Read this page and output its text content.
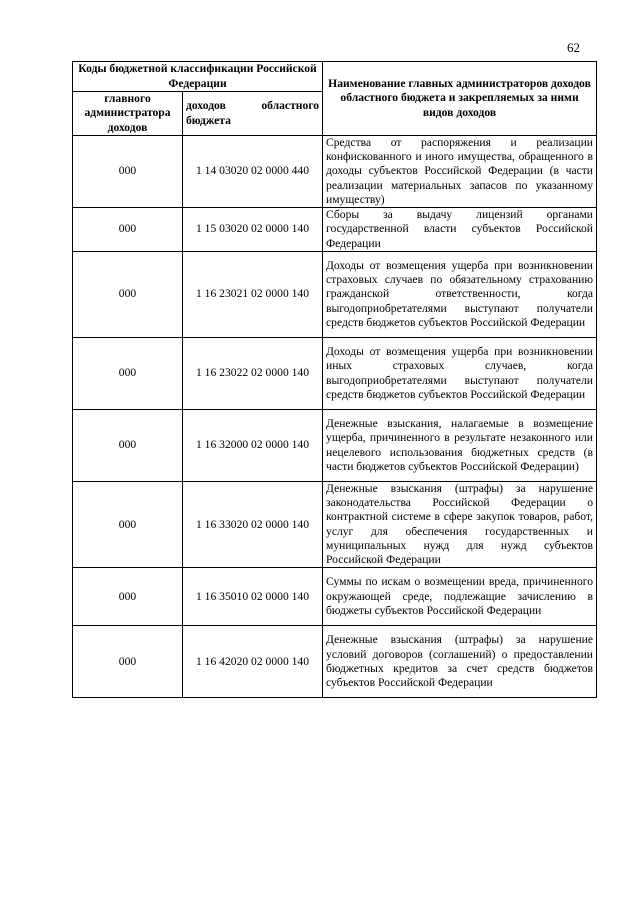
62
Коды бюджетной классификации Российской Федерации		Наименование главных администраторов доходов областного бюджета и закрепляемых за ними видов доходов
главного администратора доходов	доходов областного бюджета	
000	1 14 03020 02 0000 440	Средства от распоряжения и реализации конфискованного и иного имущества, обращенного в доходы субъектов Российской Федерации (в части реализации материальных запасов по указанному имуществу)
000	1 15 03020 02 0000 140	Сборы за выдачу лицензий органами государственной власти субъектов Российской Федерации
000	1 16 23021 02 0000 140	Доходы от возмещения ущерба при возникновении страховых случаев по обязательному страхованию гражданской ответственности, когда выгодоприобретателями выступают получатели средств бюджетов субъектов Российской Федерации
000	1 16 23022 02 0000 140	Доходы от возмещения ущерба при возникновении иных страховых случаев, когда выгодоприобретателями выступают получатели средств бюджетов субъектов Российской Федерации
000	1 16 32000 02 0000 140	Денежные взыскания, налагаемые в возмещение ущерба, причиненного в результате незаконного или нецелевого использования бюджетных средств (в части бюджетов субъектов Российской Федерации)
000	1 16 33020 02 0000 140	Денежные взыскания (штрафы) за нарушение законодательства Российской Федерации о контрактной системе в сфере закупок товаров, работ, услуг для обеспечения государственных и муниципальных нужд для нужд субъектов Российской Федерации
000	1 16 35010 02 0000 140	Суммы по искам о возмещении вреда, причиненного окружающей среде, подлежащие зачислению в бюджеты субъектов Российской Федерации
000	1 16 42020 02 0000 140	Денежные взыскания (штрафы) за нарушение условий договоров (соглашений) о предоставлении бюджетных кредитов за счет средств бюджетов субъектов Российской Федерации
